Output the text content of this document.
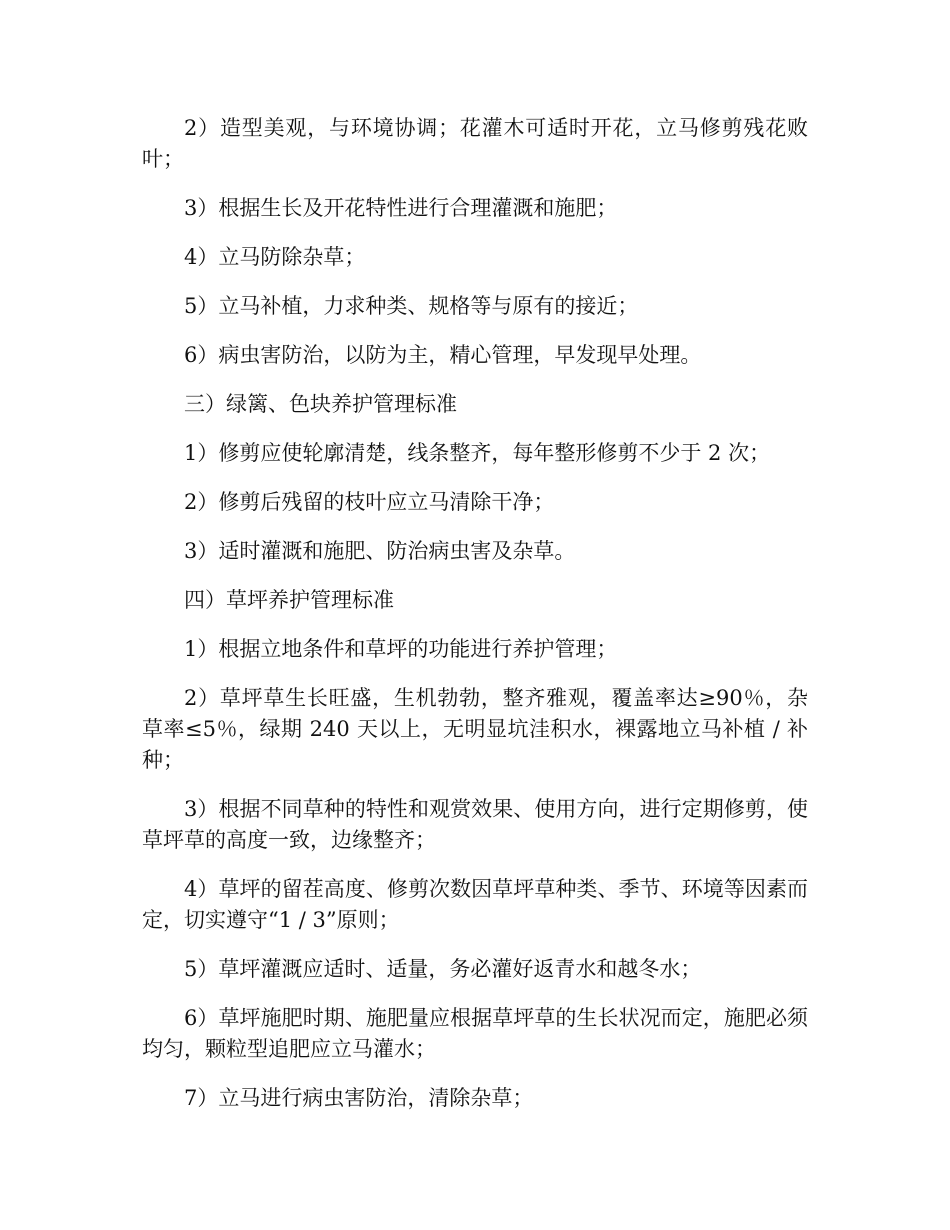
2）造型美观，与环境协调；花灌木可适时开花，立马修剪残花败叶；

3）根据生长及开花特性进行合理灌溉和施肥；

4）立马防除杂草；

5）立马补植，力求种类、规格等与原有的接近；

6）病虫害防治，以防为主，精心管理，早发现早处理。

三）绿篱、色块养护管理标准

1）修剪应使轮廓清楚，线条整齐，每年整形修剪不少于 2 次；

2）修剪后残留的枝叶应立马清除干净；

3）适时灌溉和施肥、防治病虫害及杂草。

四）草坪养护管理标准

1）根据立地条件和草坪的功能进行养护管理；

2）草坪草生长旺盛，生机勃勃，整齐雅观，覆盖率达≥90％，杂草率≤5％，绿期 240 天以上，无明显坑洼积水，裸露地立马补植 / 补种；

3）根据不同草种的特性和观赏效果、使用方向，进行定期修剪，使草坪草的高度一致，边缘整齐；

4）草坪的留茬高度、修剪次数因草坪草种类、季节、环境等因素而定，切实遵守“1 / 3”原则；

5）草坪灌溉应适时、适量，务必灌好返青水和越冬水；

6）草坪施肥时期、施肥量应根据草坪草的生长状况而定，施肥必须均匀，颗粒型追肥应立马灌水；

7）立马进行病虫害防治，清除杂草；
